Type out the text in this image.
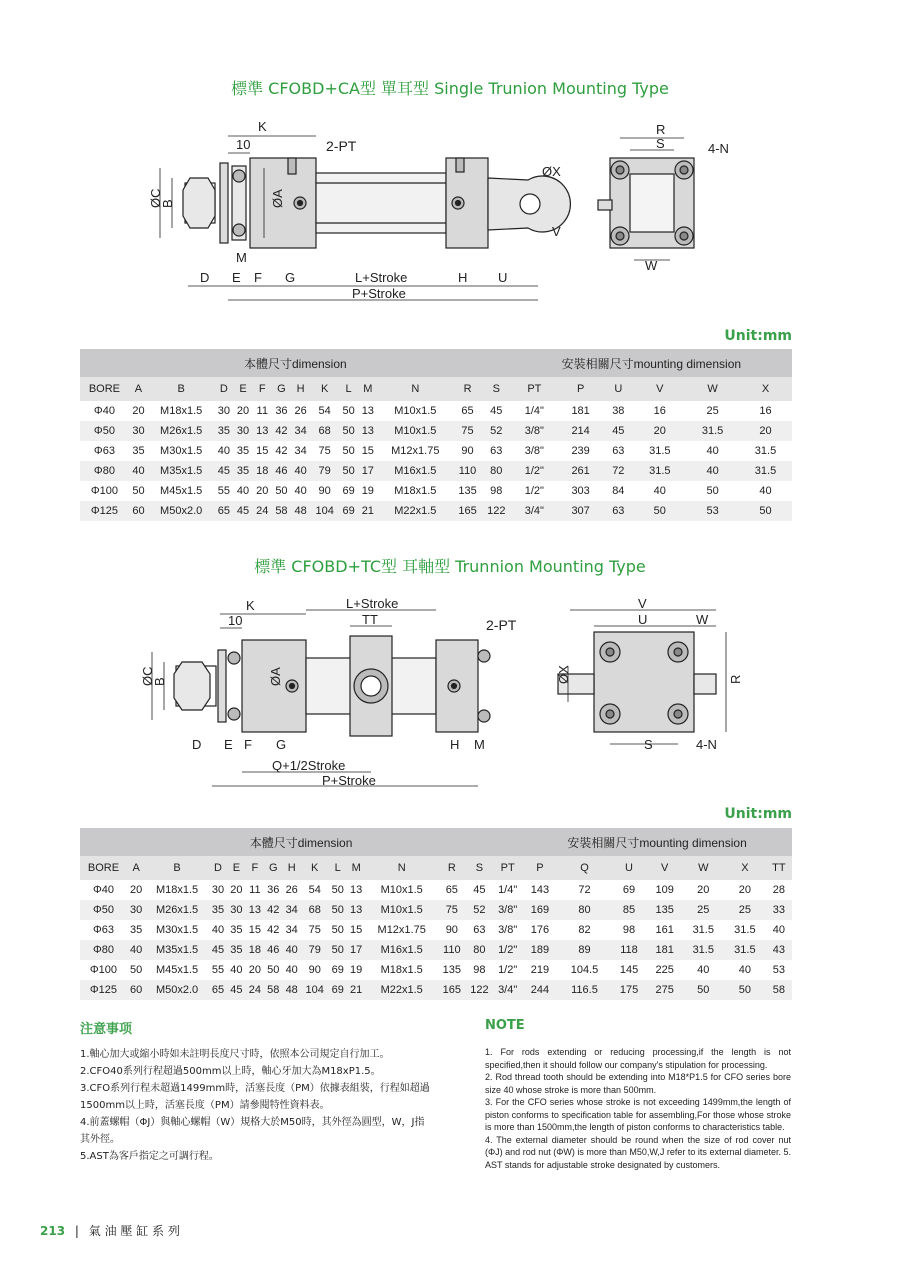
標準 CFOBD+CA型 單耳型 Single Trunion Mounting Type
K
10	2-PT
ØC
B	ØA
M
D E F G	L+Stroke	H U
P+Stroke
ØX
V
R
S	4-N
W
Unit:mm
本體尺寸dimension														安裝相關尺寸mounting dimension					
BORE	A	B	D	E	F	G	H	K	L	M	N	R	S	PT	P	U	V	W	X
Φ40	20	M18x1.5	30	20	11	36	26	54	50	13	M10x1.5	65	45	1/4"	181	38	16	25	16
Φ50	30	M26x1.5	35	30	13	42	34	68	50	13	M10x1.5	75	52	3/8"	214	45	20	31.5	20
Φ63	35	M30x1.5	40	35	15	42	34	75	50	15	M12x1.75	90	63	3/8"	239	63	31.5	40	31.5
Φ80	40	M35x1.5	45	35	18	46	40	79	50	17	M16x1.5	110	80	1/2"	261	72	31.5	40	31.5
Φ100	50	M45x1.5	55	40	20	50	40	90	69	19	M18x1.5	135	98	1/2"	303	84	40	50	40
Φ125	60	M50x2.0	65	45	24	58	48	104	69	21	M22x1.5	165	122	3/4"	307	63	50	53	50
標準 CFOBD+TC型 耳軸型 Trunnion Mounting Type
K
10
L+Stroke
TT	2-PT
ØC
B	ØA
D E F G	H M
Q+1/2Stroke
P+Stroke
V
U	W
ØX	R
S	4-N
Unit:mm
本體尺寸dimension															安裝相關尺寸mounting dimension						
BORE	A	B	D	E	F	G	H	K	L	M	N	R	S	PT	P	Q	U	V	W	X	TT
Φ40	20	M18x1.5	30	20	11	36	26	54	50	13	M10x1.5	65	45	1/4"	143	72	69	109	20	20	28
Φ50	30	M26x1.5	35	30	13	42	34	68	50	13	M10x1.5	75	52	3/8"	169	80	85	135	25	25	33
Φ63	35	M30x1.5	40	35	15	42	34	75	50	15	M12x1.75	90	63	3/8"	176	82	98	161	31.5	31.5	40
Φ80	40	M35x1.5	45	35	18	46	40	79	50	17	M16x1.5	110	80	1/2"	189	89	118	181	31.5	31.5	43
Φ100	50	M45x1.5	55	40	20	50	40	90	69	19	M18x1.5	135	98	1/2"	219	104.5	145	225	40	40	53
Φ125	60	M50x2.0	65	45	24	58	48	104	69	21	M22x1.5	165	122	3/4"	244	116.5	175	275	50	50	58
注意事项
1.軸心加大或縮小時如未註明長度尺寸時，依照本公司規定自行加工。
2.CFO40系列行程超過500mm以上時，軸心牙加大為M18xP1.5。
3.CFO系列行程未超過1499mm時，活塞長度（PM）依據表組裝，行程如超過1500mm以上時，活塞長度（PM）請參閱特性資料表。
4.前蓋螺帽（ΦJ）與軸心螺帽（W）規格大於M50時，其外徑為圓型，W，J指其外徑。
5.AST為客戶指定之可調行程。
NOTE
1. For rods extending or reducing processing,if the length is not specified,then it should follow our company's stipulation for processing.
2. Rod thread tooth should be extending into M18*P1.5 for CFO series bore size 40 whose stroke is more than 500mm.
3. For the CFO series whose stroke is not exceeding 1499mm,the length of piston conforms to specification table for assembling,For those whose stroke is more than 1500mm,the length of piston conforms to characteristics table.
4. The external diameter should be round when the size of rod cover nut (ΦJ) and rod nut (ΦW) is more than M50,W,J refer to its external diameter. 5. AST stands for adjustable stroke designated by customers.
213 | 氣 油 壓 缸 系 列
